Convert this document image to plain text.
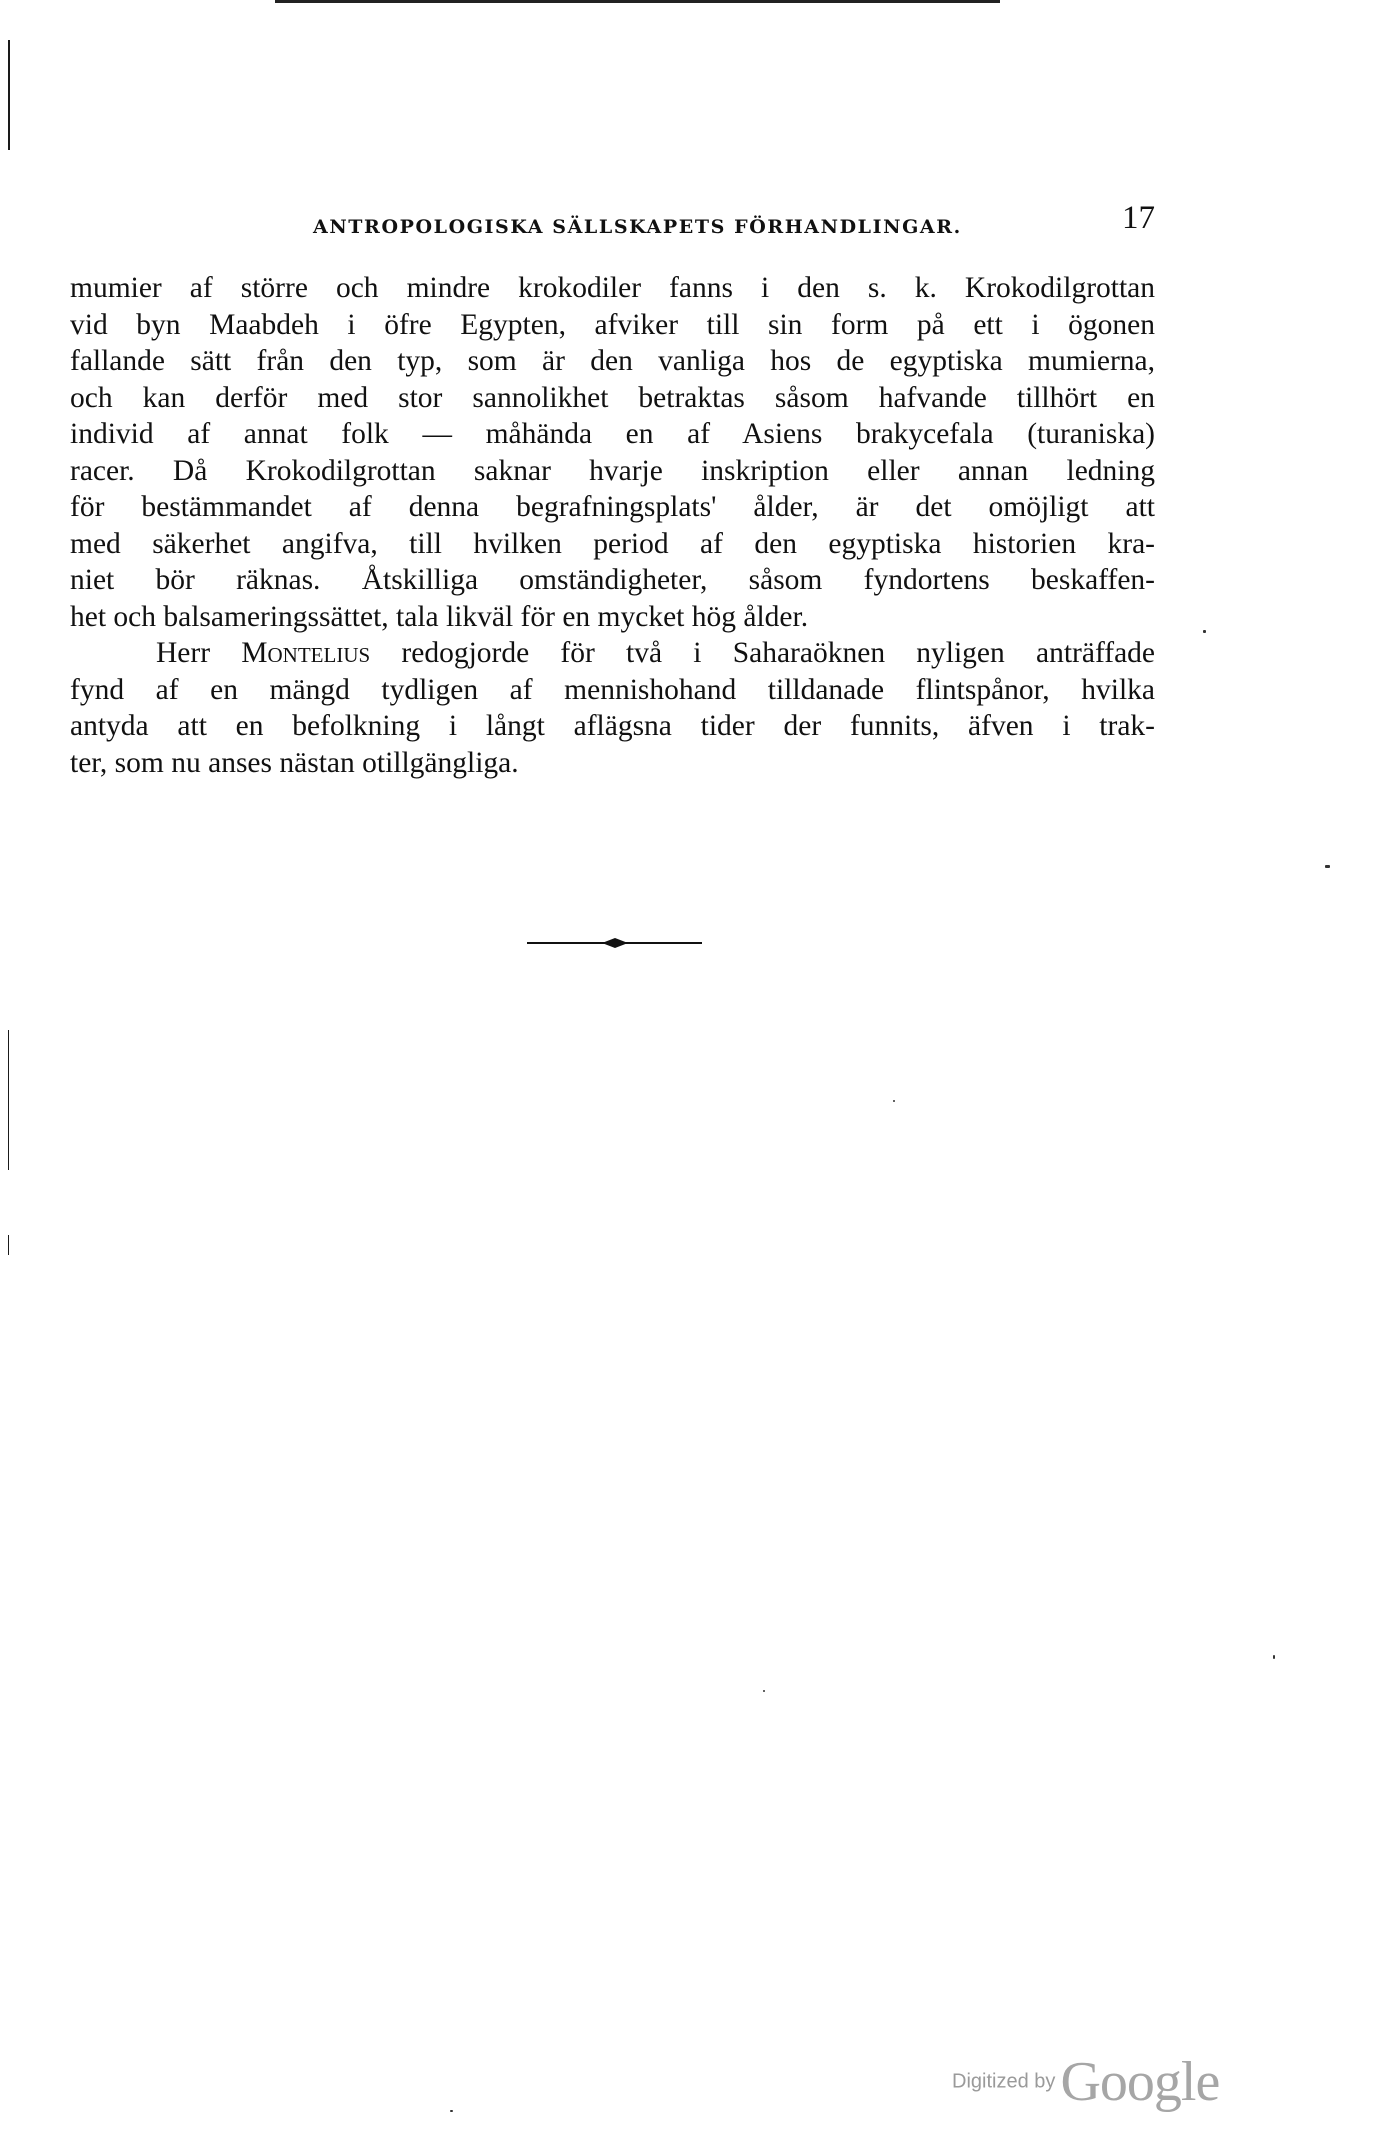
ANTROPOLOGISKA SÄLLSKAPETS FÖRHANDLINGAR.	17
mumier af större och mindre krokodiler fanns i den s. k. Krokodilgrottan
vid byn Maabdeh i öfre Egypten, afviker till sin form på ett i ögonen
fallande sätt från den typ, som är den vanliga hos de egyptiska mumierna,
och kan derför med stor sannolikhet betraktas såsom hafvande tillhört en
individ af annat folk — måhända en af Asiens brakycefala (turaniska)
racer. Då Krokodilgrottan saknar hvarje inskription eller annan ledning
för bestämmandet af denna begrafningsplats' ålder, är det omöjligt att
med säkerhet angifva, till hvilken period af den egyptiska historien kra-
niet bör räknas. Åtskilliga omständigheter, såsom fyndortens beskaffen-
het och balsameringssättet, tala likväl för en mycket hög ålder.
Herr Montelius redogjorde för två i Saharaöknen nyligen anträffade
fynd af en mängd tydligen af mennishohand tilldanade flintspånor, hvilka
antyda att en befolkning i långt aflägsna tider der funnits, äfven i trak-
ter, som nu anses nästan otillgängliga.
Digitized by Google
